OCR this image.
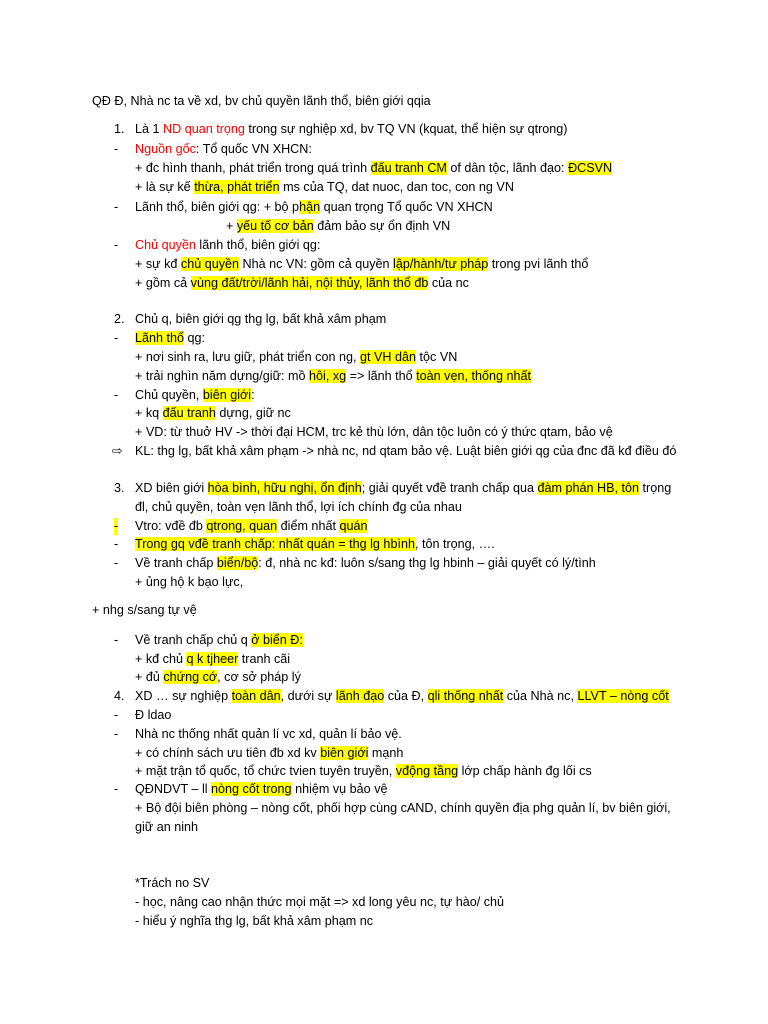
QĐ Đ, Nhà nc ta về xd, bv chủ quyền lãnh thổ, biên giới qqia
1. Là 1 ND quan trọng trong sự nghiệp xd, bv TQ VN (kquat, thể hiện sự qtrong)
- Nguồn gốc: Tổ quốc VN XHCN:
+ đc hình thanh, phát triển trong quá trình đấu tranh CM of dân tộc, lãnh đạo: ĐCSVN
+ là sự kế thừa, phát triển ms của TQ, dat nuoc, dan toc, con ng VN
- Lãnh thổ, biên giới qg: + bộ phận quan trọng Tổ quốc VN XHCN
+ yếu tố cơ bản đảm bảo sự ổn định VN
- Chủ quyền lãnh thổ, biên giới qg:
+ sự kđ chủ quyền Nhà nc VN: gồm cả quyền lập/hành/tư pháp trong pvi lãnh thổ
+ gồm cả vùng đất/trời/lãnh hải, nội thủy, lãnh thổ đb của nc
2. Chủ q, biên giới qg thg lg, bất khả xâm phạm
- Lãnh thổ qg:
+ nơi sinh ra, lưu giữ, phát triển con ng, gt VH dân tộc VN
+ trải nghìn năm dựng/giữ: mồ hôi, xg => lãnh thổ toàn vẹn, thống nhất
- Chủ quyền, biên giới:
+ kq đấu tranh dựng, giữ nc
+ VD: từ thuở HV -> thời đại HCM, trc kẻ thù lớn, dân tộc luôn có ý thức qtam, bảo vệ
⇨ KL: thg lg, bất khả xâm phạm -> nhà nc, nd qtam bảo vệ. Luật biên giới qg của đnc đã kđ điều đó
3. XD biên giới hòa bình, hữu nghị, ổn định; giải quyết vđề tranh chấp qua đàm phán HB, tôn trọng
đl, chủ quyền, toàn vẹn lãnh thổ, lợi ích chính đg của nhau
- Vtro: vđề đb qtrong, quan điểm nhất quán
- Trong gq vđề tranh chấp: nhất quán = thg lg hbình, tôn trọng, ….
- Về tranh chấp biển/bộ: đ, nhà nc kđ: luôn s/sang thg lg hbinh – giải quyết có lý/tình
+ ủng hộ k bạo lực,
+ nhg s/sang tự vệ
- Về tranh chấp chủ q ở biển Đ:
+ kđ chủ q k tjheer tranh cãi
+ đủ chứng cớ, cơ sở pháp lý
4. XD … sự nghiệp toàn dân, dưới sự lãnh đạo của Đ, qli thống nhất của Nhà nc, LLVT – nòng cốt
- Đ ldao
- Nhà nc thống nhất quản lí vc xd, quản lí bảo vệ.
+ có chính sách ưu tiên đb xd kv biên giới mạnh
+ mặt trận tổ quốc, tổ chức tvien tuyên truyền, vđộng tầng lớp chấp hành đg lối cs
- QĐNDVT – ll nòng cốt trong nhiệm vụ bảo vệ
+ Bộ đội biên phòng – nòng cốt, phối hợp cùng cAND, chính quyền địa phg quản lí, bv biên giới,
giữ an ninh
*Trách no SV
- học, nâng cao nhận thức mọi mặt => xd long yêu nc, tự hào/ chủ
- hiểu ý nghĩa thg lg, bất khả xâm phạm nc
